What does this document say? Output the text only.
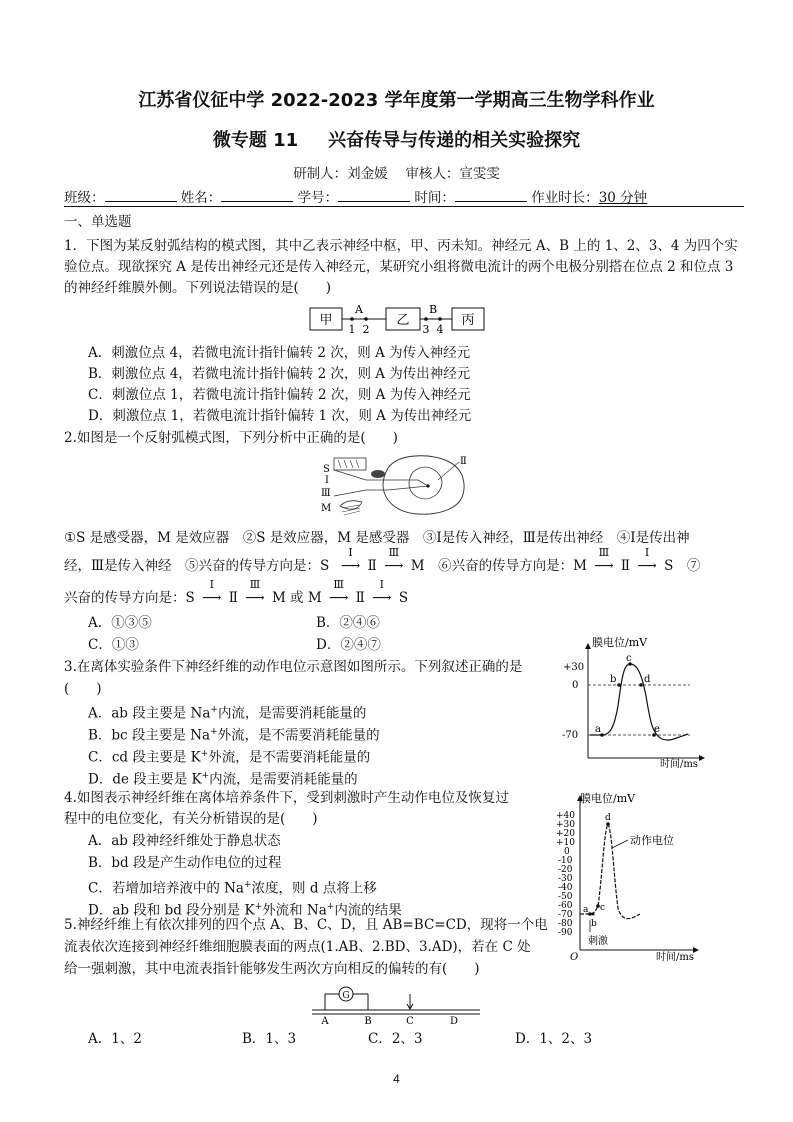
江苏省仪征中学 2022-2023 学年度第一学期高三生物学科作业
微专题 11 兴奋传导与传递的相关实验探究
研制人：刘金媛　 审核人：宣雯雯
班级：	姓名：	学号：	时间：	作业时长：30 分钟
一、单选题
1．下图为某反射弧结构的模式图，其中乙表示神经中枢，甲、丙未知。神经元 A、B 上的 1、2、3、4 为四个实验位点。现欲探究 A 是传出神经元还是传入神经元，某研究小组将微电流计的两个电极分别搭在位点 2 和位点 3 的神经纤维膜外侧。下列说法错误的是(　　)
甲
A
1 2
乙
B
3 4
丙
A．刺激位点 4，若微电流计指针偏转 2 次，则 A 为传入神经元
B．刺激位点 4，若微电流计指针偏转 2 次，则 A 为传出神经元
C．刺激位点 1，若微电流计指针偏转 2 次，则 A 为传入神经元
D．刺激位点 1，若微电流计指针偏转 1 次，则 A 为传出神经元
2.如图是一个反射弧模式图，下列分析中正确的是(　　)
S
Ⅰ
Ⅲ
M
Ⅱ
①S 是感受器，M 是效应器　②S 是效应器，M 是感受器　③Ⅰ是传入神经，Ⅲ是传出神经　④Ⅰ是传出神
经，Ⅲ是传入神经　⑤兴奋的传导方向是：S
Ⅰ
⟶ Ⅱ
Ⅲ
⟶ M　⑥兴奋的传导方向是：M
Ⅲ
⟶ Ⅱ
Ⅰ
⟶ S　⑦
兴奋的传导方向是：S
Ⅰ
⟶ Ⅱ
Ⅲ
⟶ M 或 M
Ⅲ
⟶ Ⅱ
Ⅰ
⟶ S
A．①③⑤	B．②④⑥
C．①③	D．②④⑦
3.在离体实验条件下神经纤维的动作电位示意图如图所示。下列叙述正确的是
(　　)
A．ab 段主要是 Na+内流，是需要消耗能量的
B．bc 段主要是 Na+外流，是不需要消耗能量的
C．cd 段主要是 K+外流，是不需要消耗能量的
D．de 段主要是 K+内流，是需要消耗能量的
膜电位/mV
时间/ms
+30
0
-70
a
b
c
d
e
4.如图表示神经纤维在离体培养条件下，受到刺激时产生动作电位及恢复过
程中的电位变化，有关分析错误的是(　　)
A．ab 段神经纤维处于静息状态
B．bd 段是产生动作电位的过程
C．若增加培养液中的 Na+浓度，则 d 点将上移
D．ab 段和 bd 段分别是 K+外流和 Na+内流的结果
膜电位/mV
时间/ms
O
+40
+30
+20
+10
0
-10
-20
-30
-40
-50
-60
-70
-80
-90
a
b
c
d
动作电位
刺激
5.神经纤维上有依次排列的四个点 A、B、C、D，且 AB=BC=CD，现将一个电
流表依次连接到神经纤维细胞膜表面的两点(1.AB、2.BD、3.AD)，若在 C 处
给一强刺激，其中电流表指针能够发生两次方向相反的偏转的有(　　)
G
A	B	C	D
A．1、2	B．1、3	C．2、3	D．1、2、3
4
